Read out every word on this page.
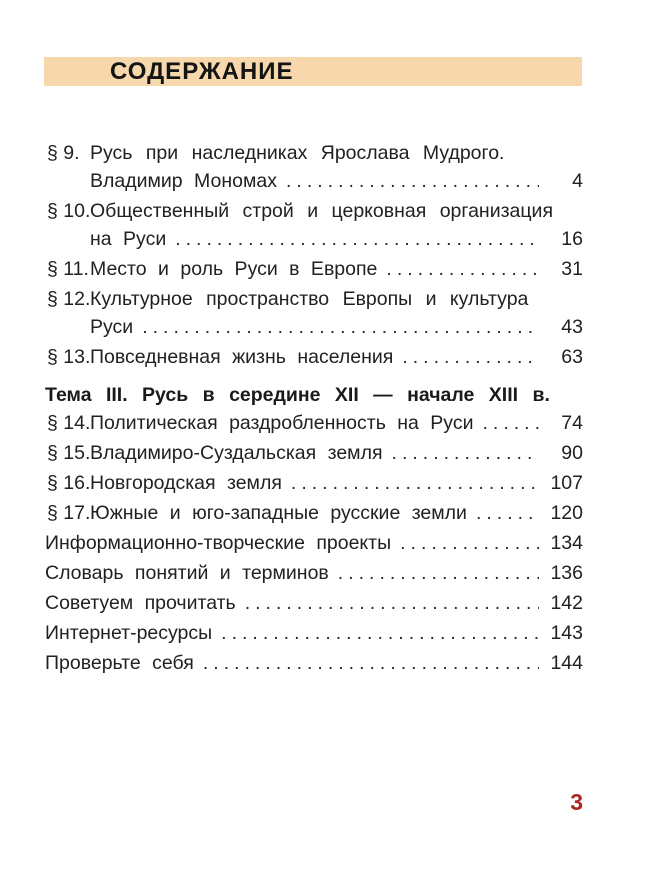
СОДЕРЖАНИЕ
§ 9. Русь при наследниках Ярослава Мудрого.
Владимир Мономах .....	4
§ 10. Общественный строй и церковная организация
на Руси .....	16
§ 11. Место и роль Руси в Европе .....	31
§ 12. Культурное пространство Европы и культура
Руси .....	43
§ 13. Повседневная жизнь населения .....	63
Тема III. Русь в середине XII — начале XIII в.
§ 14. Политическая раздробленность на Руси .....	74
§ 15. Владимиро-Суздальская земля .....	90
§ 16. Новгородская земля .....	107
§ 17. Южные и юго-западные русские земли .....	120
Информационно-творческие проекты .....	134
Словарь понятий и терминов .....	136
Советуем прочитать .....	142
Интернет-ресурсы .....	143
Проверьте себя .....	144
3
